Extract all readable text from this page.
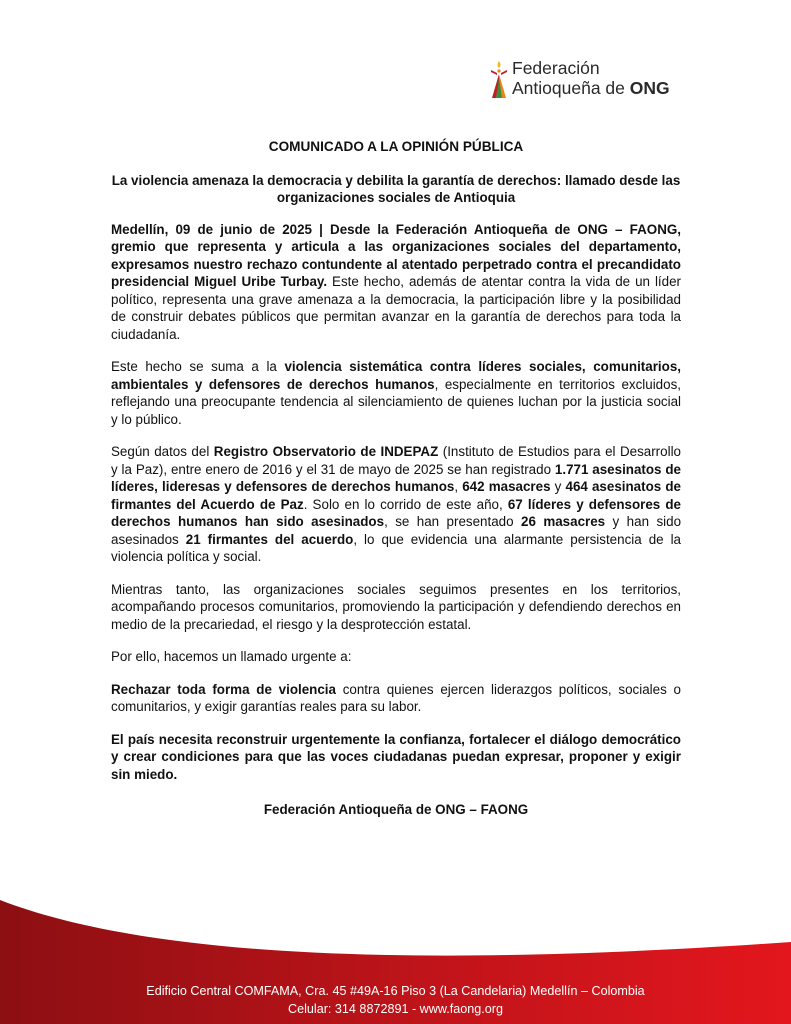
Federación
Antioqueña de ONG
COMUNICADO A LA OPINIÓN PÚBLICA
La violencia amenaza la democracia y debilita la garantía de derechos: llamado desde las organizaciones sociales de Antioquia

Medellín, 09 de junio de 2025 | Desde la Federación Antioqueña de ONG – FAONG, gremio que representa y articula a las organizaciones sociales del departamento, expresamos nuestro rechazo contundente al atentado perpetrado contra el precandidato presidencial Miguel Uribe Turbay. Este hecho, además de atentar contra la vida de un líder político, representa una grave amenaza a la democracia, la participación libre y la posibilidad de construir debates públicos que permitan avanzar en la garantía de derechos para toda la ciudadanía.

Este hecho se suma a la violencia sistemática contra líderes sociales, comunitarios, ambientales y defensores de derechos humanos, especialmente en territorios excluidos, reflejando una preocupante tendencia al silenciamiento de quienes luchan por la justicia social y lo público.

Según datos del Registro Observatorio de INDEPAZ (Instituto de Estudios para el Desarrollo y la Paz), entre enero de 2016 y el 31 de mayo de 2025 se han registrado 1.771 asesinatos de líderes, lideresas y defensores de derechos humanos, 642 masacres y 464 asesinatos de firmantes del Acuerdo de Paz. Solo en lo corrido de este año, 67 líderes y defensores de derechos humanos han sido asesinados, se han presentado 26 masacres y han sido asesinados 21 firmantes del acuerdo, lo que evidencia una alarmante persistencia de la violencia política y social.

Mientras tanto, las organizaciones sociales seguimos presentes en los territorios, acompañando procesos comunitarios, promoviendo la participación y defendiendo derechos en medio de la precariedad, el riesgo y la desprotección estatal.

Por ello, hacemos un llamado urgente a:

Rechazar toda forma de violencia contra quienes ejercen liderazgos políticos, sociales o comunitarios, y exigir garantías reales para su labor.

El país necesita reconstruir urgentemente la confianza, fortalecer el diálogo democrático y crear condiciones para que las voces ciudadanas puedan expresar, proponer y exigir sin miedo.

Federación Antioqueña de ONG – FAONG
Edificio Central COMFAMA, Cra. 45 #49A-16 Piso 3 (La Candelaria) Medellín – Colombia
Celular: 314 8872891 - www.faong.org
